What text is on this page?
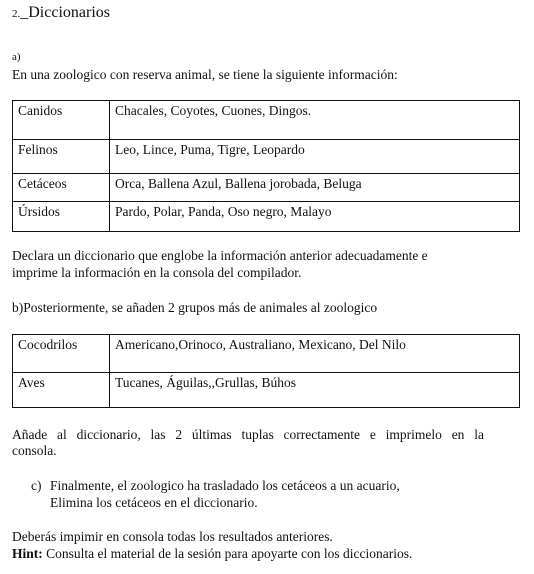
2._Diccionarios
a)
En una zoologico con reserva animal, se tiene la siguiente información:
Canidos	Chacales, Coyotes, Cuones, Dingos.
Felinos	Leo, Lince, Puma, Tigre, Leopardo
Cetáceos	Orca, Ballena Azul, Ballena jorobada, Beluga
Úrsidos	Pardo, Polar, Panda, Oso negro, Malayo
Declara un diccionario que englobe la información anterior adecuadamente e
imprime la información en la consola del compilador.
b)Posteriormente, se añaden 2 grupos más de animales al zoologico
Cocodrilos	Americano,Orinoco, Australiano, Mexicano, Del Nilo
Aves	Tucanes, Águilas,,Grullas, Búhos
Añade al diccionario, las 2 últimas tuplas correctamente e imprimelo en la
consola.
c) Finalmente, el zoologico ha trasladado los cetáceos a un acuario,
Elimina los cetáceos en el diccionario.
Deberás impimir en consola todas los resultados anteriores.
Hint: Consulta el material de la sesión para apoyarte con los diccionarios.
